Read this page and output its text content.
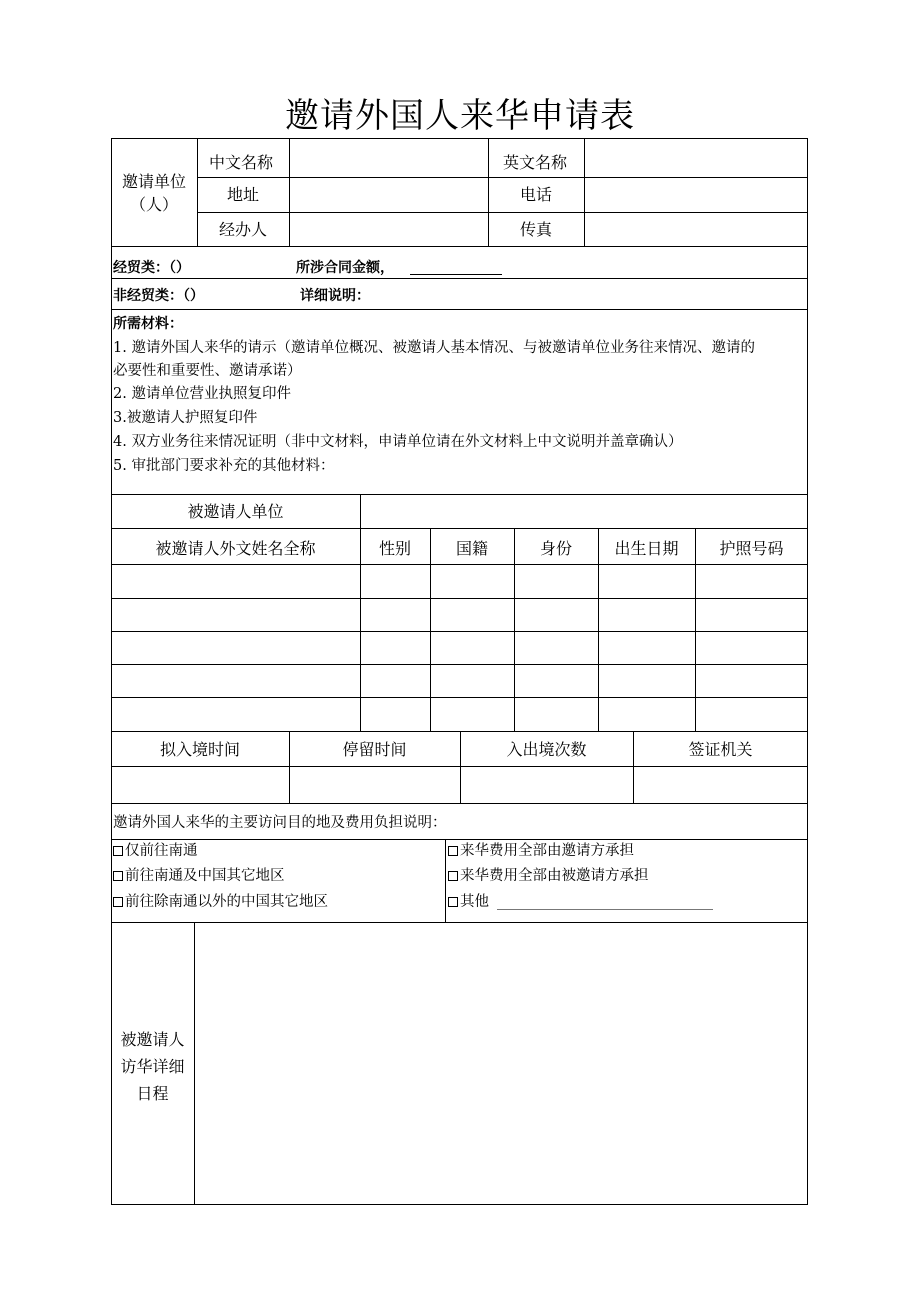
邀请外国人来华申请表
邀请单位
（人）
中文名称	英文名称
地址	电话
经办人	传真
经贸类：（）	所涉合同金额，
非经贸类：（）	详细说明：
所需材料：
1. 邀请外国人来华的请示（邀请单位概况、被邀请人基本情况、与被邀请单位业务往来情况、邀请的
必要性和重要性、邀请承诺）
2. 邀请单位营业执照复印件
3.被邀请人护照复印件
4. 双方业务往来情况证明（非中文材料，申请单位请在外文材料上中文说明并盖章确认）
5. 审批部门要求补充的其他材料：
被邀请人单位
被邀请人外文姓名全称	性别	国籍	身份	出生日期	护照号码
拟入境时间	停留时间	入出境次数	签证机关
邀请外国人来华的主要访问目的地及费用负担说明：
仅前往南通
前往南通及中国其它地区
前往除南通以外的中国其它地区
来华费用全部由邀请方承担
来华费用全部由被邀请方承担
其他
被邀请人
访华详细
日程
